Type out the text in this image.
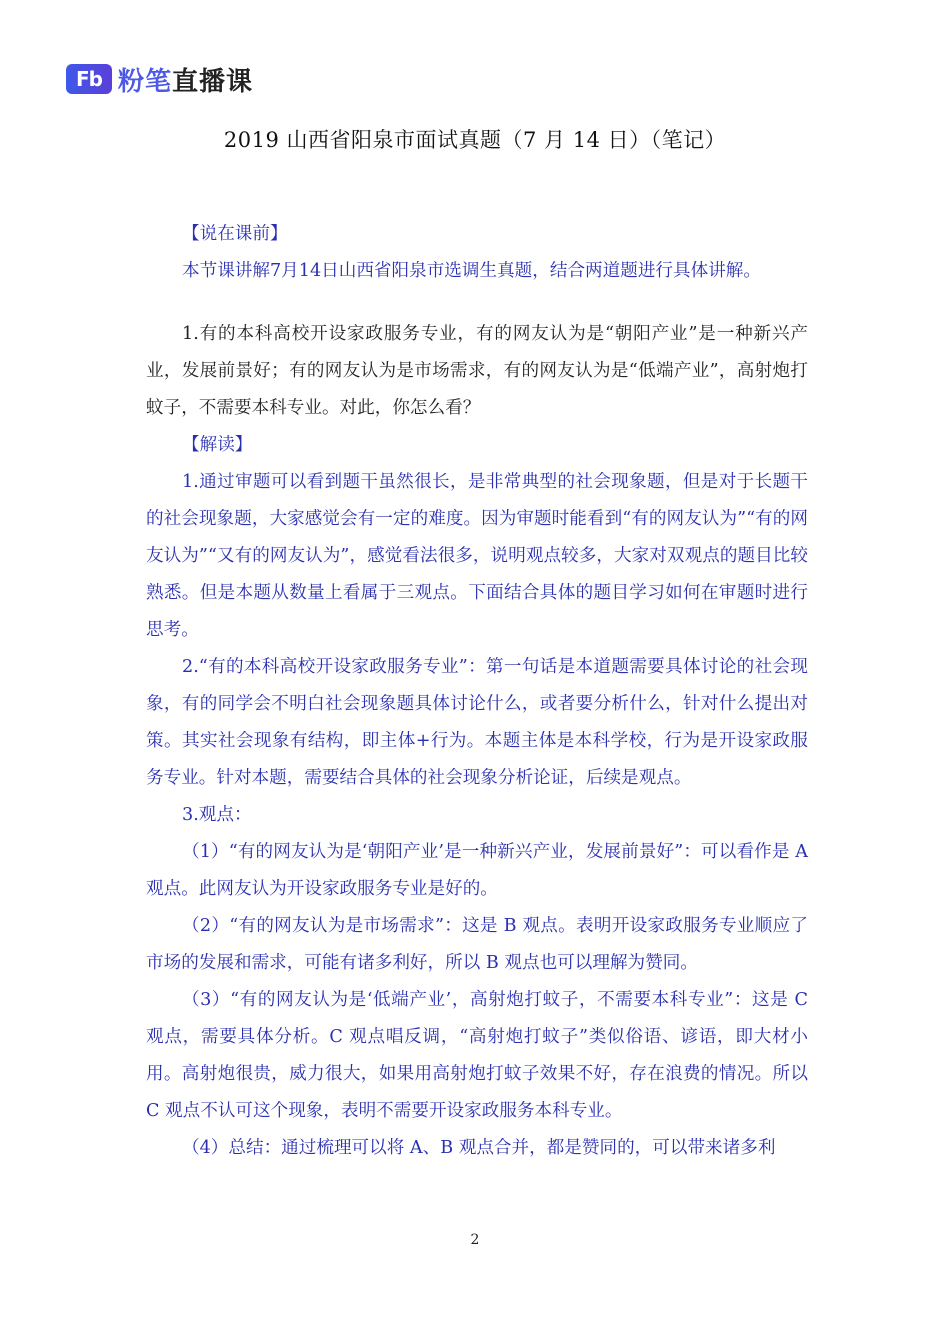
Fb 粉笔直播课
2019 山西省阳泉市面试真题（7 月 14 日）（笔记）

【说在课前】

本节课讲解7月14日山西省阳泉市选调生真题，结合两道题进行具体讲解。

1.有的本科高校开设家政服务专业，有的网友认为是“朝阳产业”是一种新兴产业，发展前景好；有的网友认为是市场需求，有的网友认为是“低端产业”，高射炮打蚊子，不需要本科专业。对此，你怎么看？

【解读】

1.通过审题可以看到题干虽然很长，是非常典型的社会现象题，但是对于长题干的社会现象题，大家感觉会有一定的难度。因为审题时能看到“有的网友认为”“有的网友认为”“又有的网友认为”，感觉看法很多，说明观点较多，大家对双观点的题目比较熟悉。但是本题从数量上看属于三观点。下面结合具体的题目学习如何在审题时进行思考。

2.“有的本科高校开设家政服务专业”：第一句话是本道题需要具体讨论的社会现象，有的同学会不明白社会现象题具体讨论什么，或者要分析什么，针对什么提出对策。其实社会现象有结构，即主体+行为。本题主体是本科学校，行为是开设家政服务专业。针对本题，需要结合具体的社会现象分析论证，后续是观点。

3.观点：

（1）“有的网友认为是‘朝阳产业’是一种新兴产业，发展前景好”：可以看作是 A 观点。此网友认为开设家政服务专业是好的。

（2）“有的网友认为是市场需求”：这是 B 观点。表明开设家政服务专业顺应了市场的发展和需求，可能有诸多利好，所以 B 观点也可以理解为赞同。

（3）“有的网友认为是‘低端产业’，高射炮打蚊子，不需要本科专业”：这是 C 观点，需要具体分析。C 观点唱反调，“高射炮打蚊子”类似俗语、谚语，即大材小用。高射炮很贵，威力很大，如果用高射炮打蚊子效果不好，存在浪费的情况。所以 C 观点不认可这个现象，表明不需要开设家政服务本科专业。

（4）总结：通过梳理可以将 A、B 观点合并，都是赞同的，可以带来诸多利

2
